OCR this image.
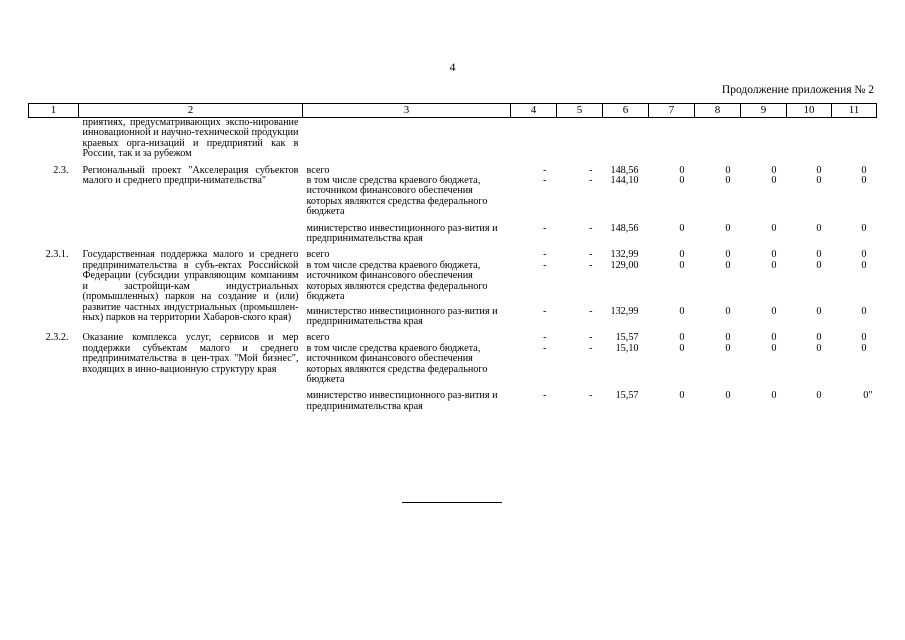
4
Продолжение приложения № 2
1	2	3	4	5	6	7	8	9	10	11
	приятиях, предусматривающих экспо-нирование инновационной и научно-технической продукции краевых орга-низаций и предприятий как в России, так и за рубежом									

2.3.	Региональный проект "Акселерация субъектов малого и среднего предпри-нимательства"	всего	-	-	148,56	0	0	0	0	0
		в том числе средства краевого бюджета, источником финансового обеспечения которых являются средства федерального бюджета	-	-	144,10	0	0	0	0	0
		министерство инвестиционного раз-вития и предпринимательства края	-	-	148,56	0	0	0	0	0

2.3.1.	Государственная поддержка малого и среднего предпринимательства в субъ-ектах Российской Федерации (субсидии управляющим компаниям и застройщи-кам индустриальных (промышленных) парков на создание и (или) развитие частных индустриальных (промышлен-ных) парков на территории Хабаров-ского края)	всего	-	-	132,99	0	0	0	0	0
		в том числе средства краевого бюджета, источником финансового обеспечения которых являются средства федерального бюджета	-	-	129,00	0	0	0	0	0
		министерство инвестиционного раз-вития и предпринимательства края	-	-	132,99	0	0	0	0	0

2.3.2.	Оказание комплекса услуг, сервисов и мер поддержки субъектам малого и среднего предпринимательства в цен-трах "Мой бизнес", входящих в инно-вационную структуру края	всего	-	-	15,57	0	0	0	0	0
		в том числе средства краевого бюджета, источником финансового обеспечения которых являются средства федерального бюджета	-	-	15,10	0	0	0	0	0
		министерство инвестиционного раз-вития и предпринимательства края	-	-	15,57	0	0	0	0	0"
